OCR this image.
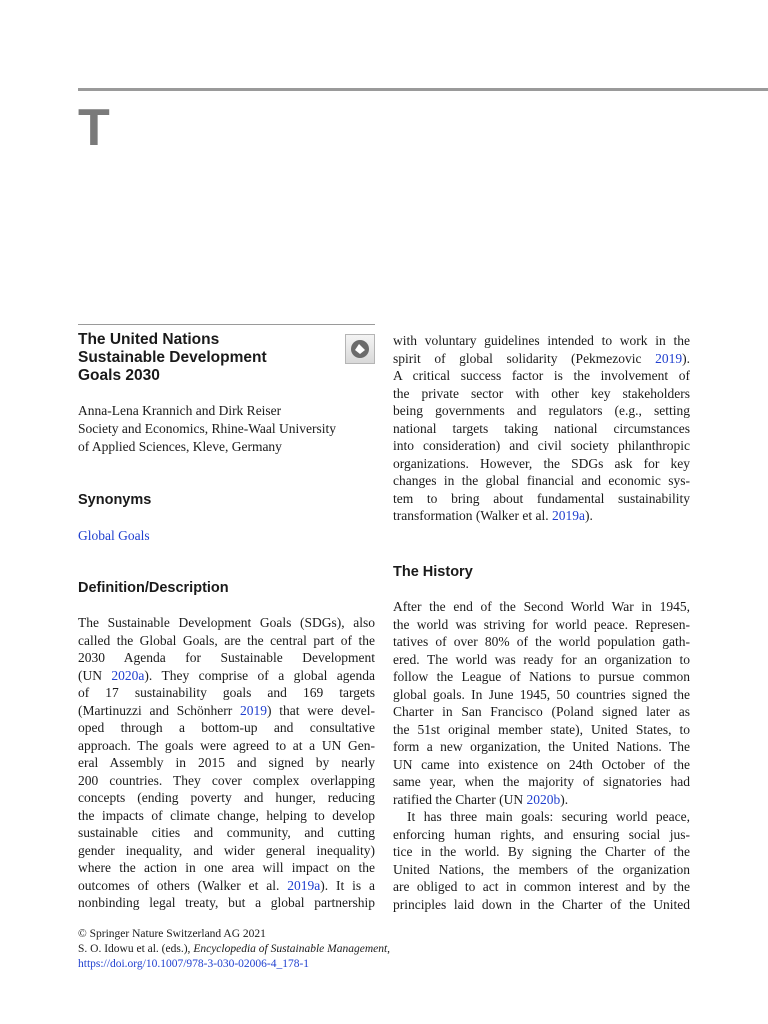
T
The United Nations
Sustainable Development
Goals 2030
Anna-Lena Krannich and Dirk Reiser
Society and Economics, Rhine-Waal University
of Applied Sciences, Kleve, Germany
Synonyms
Global Goals
Definition/Description
The Sustainable Development Goals (SDGs), also
called the Global Goals, are the central part of the
2030 Agenda for Sustainable Development
(UN 2020a). They comprise of a global agenda
of 17 sustainability goals and 169 targets
(Martinuzzi and Schönherr 2019) that were devel-
oped through a bottom-up and consultative
approach. The goals were agreed to at a UN Gen-
eral Assembly in 2015 and signed by nearly
200 countries. They cover complex overlapping
concepts (ending poverty and hunger, reducing
the impacts of climate change, helping to develop
sustainable cities and community, and cutting
gender inequality, and wider general inequality)
where the action in one area will impact on the
outcomes of others (Walker et al. 2019a). It is a
nonbinding legal treaty, but a global partnership
with voluntary guidelines intended to work in the
spirit of global solidarity (Pekmezovic 2019).
A critical success factor is the involvement of
the private sector with other key stakeholders
being governments and regulators (e.g., setting
national targets taking national circumstances
into consideration) and civil society philanthropic
organizations. However, the SDGs ask for key
changes in the global financial and economic sys-
tem to bring about fundamental sustainability
transformation (Walker et al. 2019a).
The History
After the end of the Second World War in 1945,
the world was striving for world peace. Represen-
tatives of over 80% of the world population gath-
ered. The world was ready for an organization to
follow the League of Nations to pursue common
global goals. In June 1945, 50 countries signed the
Charter in San Francisco (Poland signed later as
the 51st original member state), United States, to
form a new organization, the United Nations. The
UN came into existence on 24th October of the
same year, when the majority of signatories had
ratified the Charter (UN 2020b).
It has three main goals: securing world peace,
enforcing human rights, and ensuring social jus-
tice in the world. By signing the Charter of the
United Nations, the members of the organization
are obliged to act in common interest and by the
principles laid down in the Charter of the United
© Springer Nature Switzerland AG 2021
S. O. Idowu et al. (eds.), Encyclopedia of Sustainable Management,
https://doi.org/10.1007/978-3-030-02006-4_178-1
